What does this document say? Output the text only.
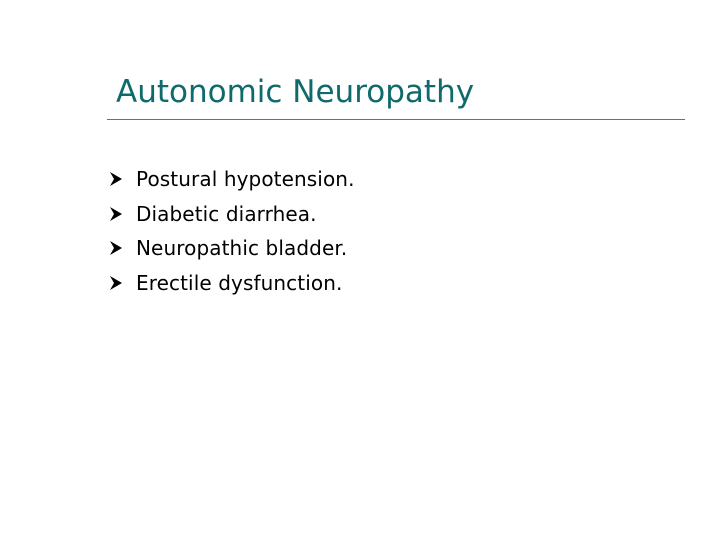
Autonomic Neuropathy
Postural hypotension.
Diabetic diarrhea.
Neuropathic bladder.
Erectile dysfunction.
